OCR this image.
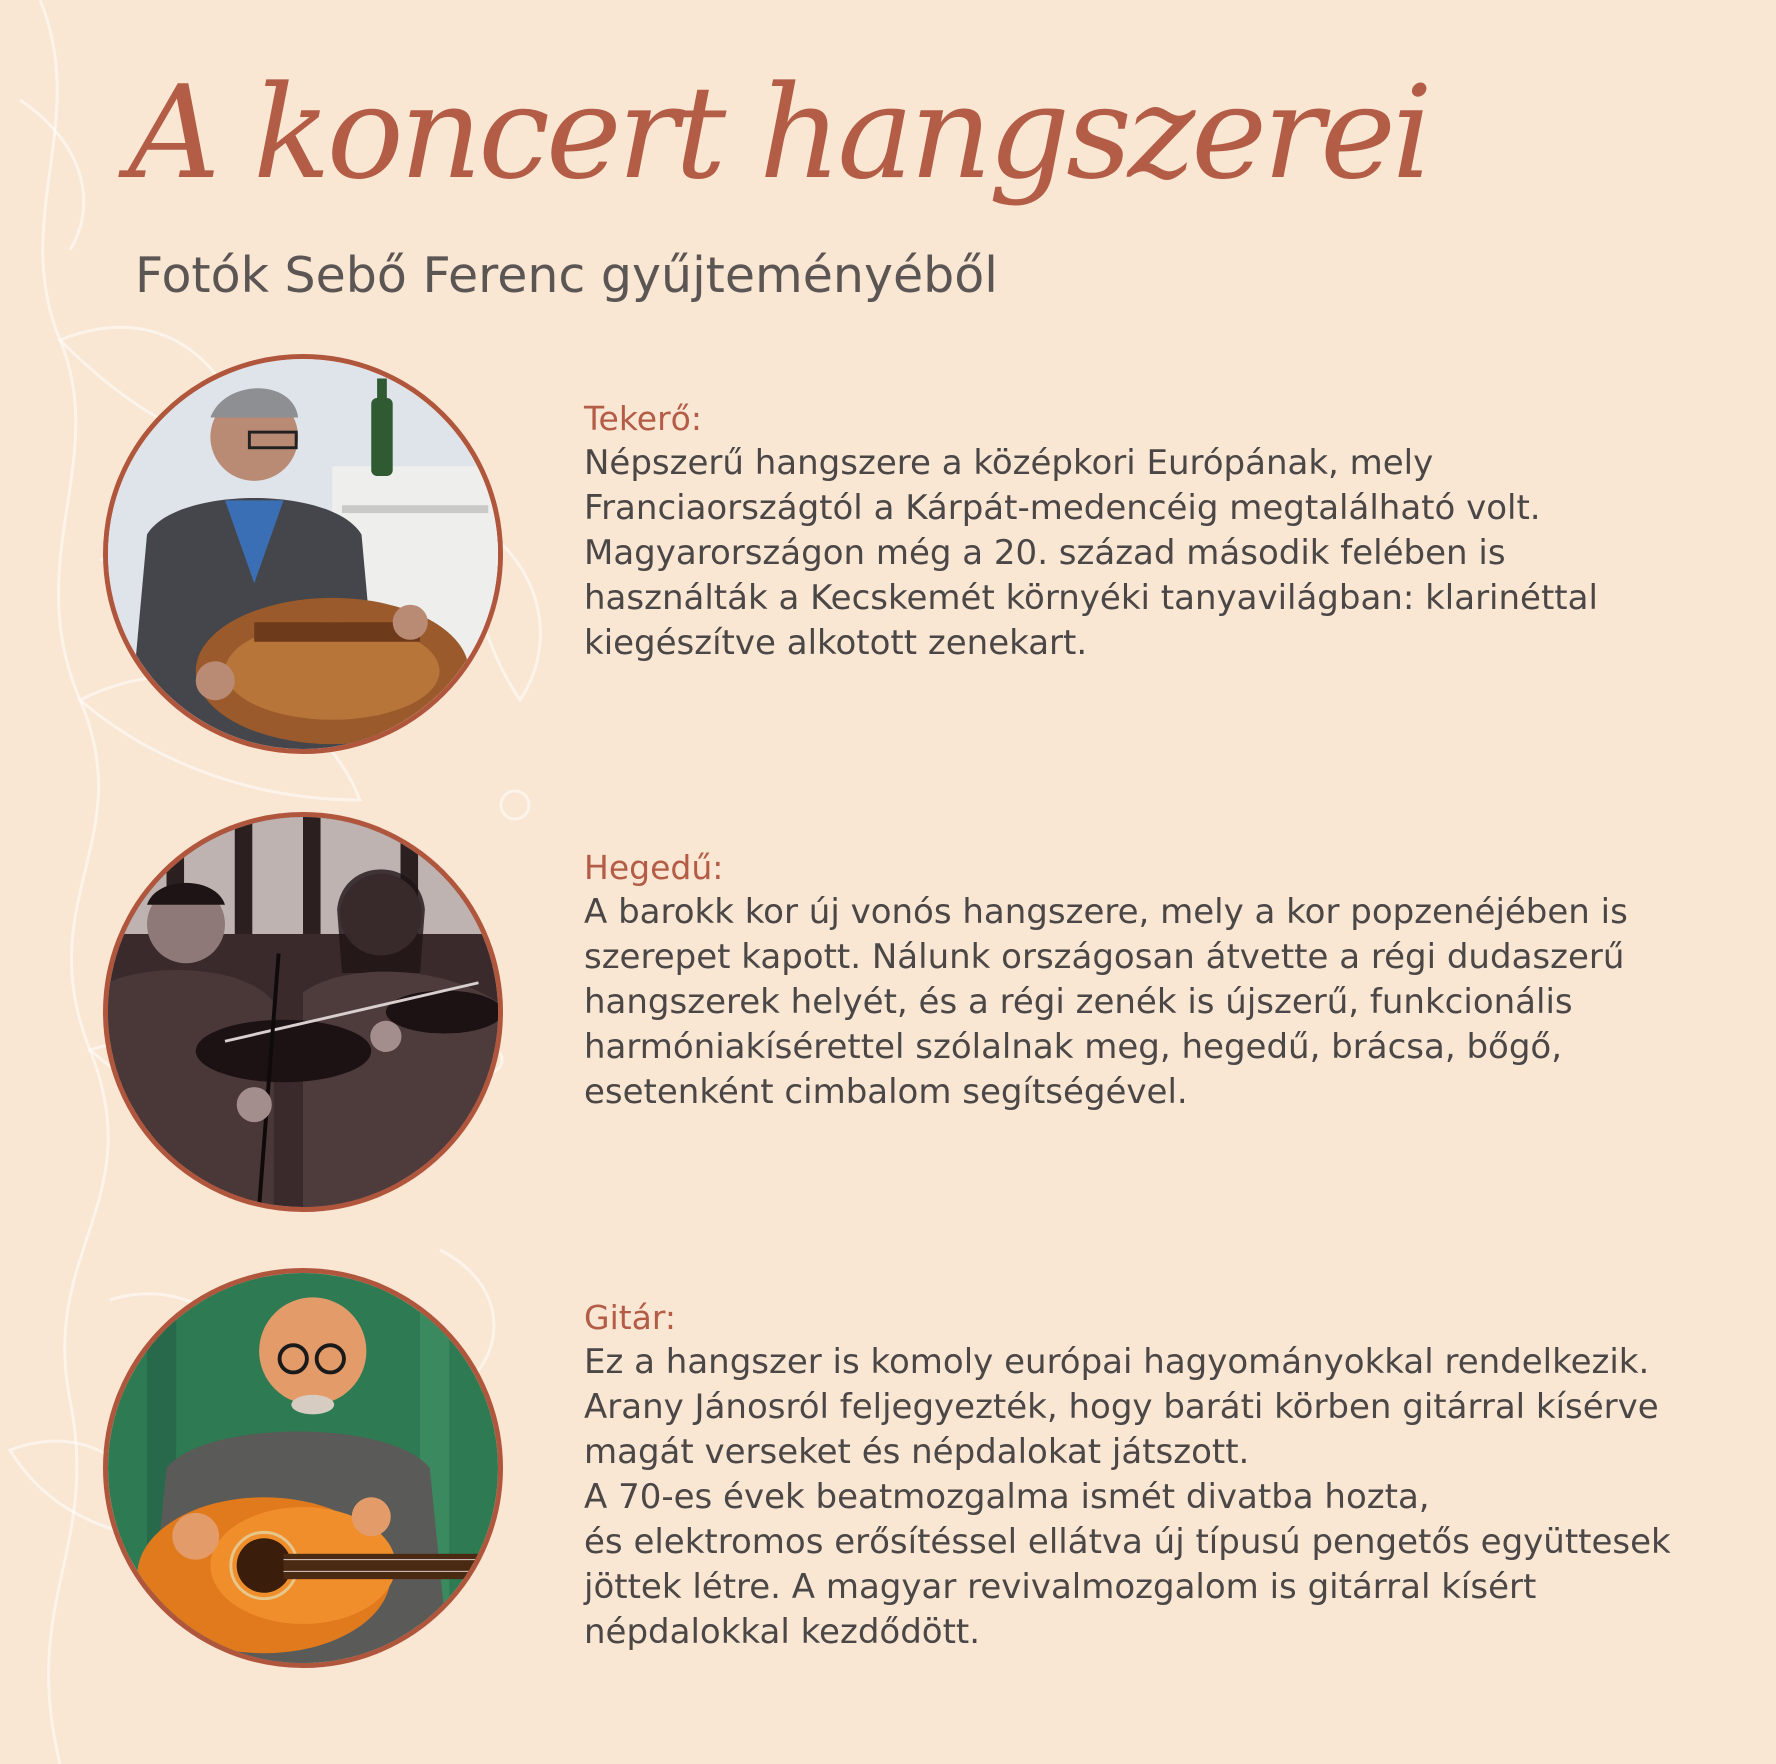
A koncert hangszerei
Fotók Sebő Ferenc gyűjteményéből
Tekerő:
Népszerű hangszere a középkori Európának, mely
Franciaországtól a Kárpát-medencéig megtalálható volt.
Magyarországon még a 20. század második felében is
használták a Kecskemét környéki tanyavilágban: klarinéttal
kiegészítve alkotott zenekart.
Hegedű:
A barokk kor új vonós hangszere, mely a kor popzenéjében is
szerepet kapott. Nálunk országosan átvette a régi dudaszerű
hangszerek helyét, és a régi zenék is újszerű, funkcionális
harmóniakísérettel szólalnak meg, hegedű, brácsa, bőgő,
esetenként cimbalom segítségével.
Gitár:
Ez a hangszer is komoly európai hagyományokkal rendelkezik.
Arany Jánosról feljegyezték, hogy baráti körben gitárral kísérve
magát verseket és népdalokat játszott.
A 70-es évek beatmozgalma ismét divatba hozta,
és elektromos erősítéssel ellátva új típusú pengetős együttesek
jöttek létre. A magyar revivalmozgalom is gitárral kísért
népdalokkal kezdődött.
